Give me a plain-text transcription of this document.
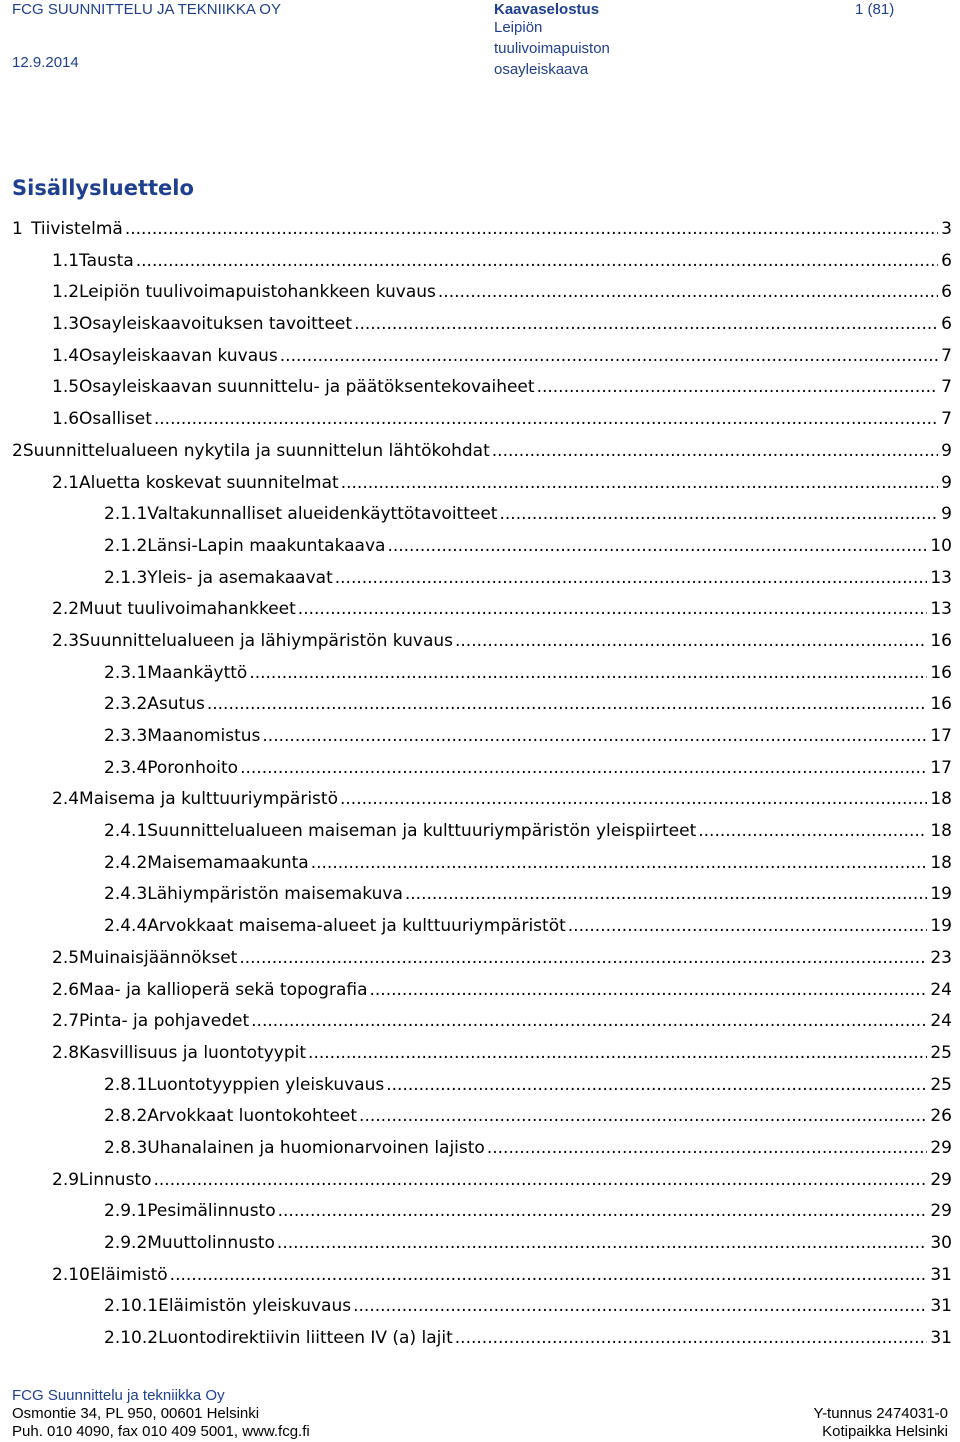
FCG SUUNNITTELU JA TEKNIIKKA OY
12.9.2014
Kaavaselostus
Leipiön
tuulivoimapuiston
osayleiskaava
1 (81)
Sisällysluettelo
1 Tiivistelmä .....	3
1.1 Tausta .....	6
1.2 Leipiön tuulivoimapuistohankkeen kuvaus .....	6
1.3 Osayleiskaavoituksen tavoitteet .....	6
1.4 Osayleiskaavan kuvaus .....	7
1.5 Osayleiskaavan suunnittelu- ja päätöksentekovaiheet .....	7
1.6 Osalliset .....	7
2 Suunnittelualueen nykytila ja suunnittelun lähtökohdat .....	9
2.1 Aluetta koskevat suunnitelmat .....	9
2.1.1 Valtakunnalliset alueidenkäyttötavoitteet .....	9
2.1.2 Länsi-Lapin maakuntakaava .....	10
2.1.3 Yleis- ja asemakaavat .....	13
2.2 Muut tuulivoimahankkeet .....	13
2.3 Suunnittelualueen ja lähiympäristön kuvaus .....	16
2.3.1 Maankäyttö .....	16
2.3.2 Asutus .....	16
2.3.3 Maanomistus .....	17
2.3.4 Poronhoito .....	17
2.4 Maisema ja kulttuuriympäristö .....	18
2.4.1 Suunnittelualueen maiseman ja kulttuuriympäristön yleispiirteet .....	18
2.4.2 Maisemamaakunta .....	18
2.4.3 Lähiympäristön maisemakuva .....	19
2.4.4 Arvokkaat maisema-alueet ja kulttuuriympäristöt .....	19
2.5 Muinaisjäännökset .....	23
2.6 Maa- ja kallioperä sekä topografia .....	24
2.7 Pinta- ja pohjavedet .....	24
2.8 Kasvillisuus ja luontotyypit .....	25
2.8.1 Luontotyyppien yleiskuvaus .....	25
2.8.2 Arvokkaat luontokohteet .....	26
2.8.3 Uhanalainen ja huomionarvoinen lajisto .....	29
2.9 Linnusto .....	29
2.9.1 Pesimälinnusto .....	29
2.9.2 Muuttolinnusto .....	30
2.10 Eläimistö .....	31
2.10.1 Eläimistön yleiskuvaus .....	31
2.10.2 Luontodirektiivin liitteen IV (a) lajit .....	31
FCG Suunnittelu ja tekniikka Oy
Osmontie 34, PL 950, 00601 Helsinki	Y-tunnus 2474031-0
Puh. 010 4090, fax 010 409 5001, www.fcg.fi	Kotipaikka Helsinki
